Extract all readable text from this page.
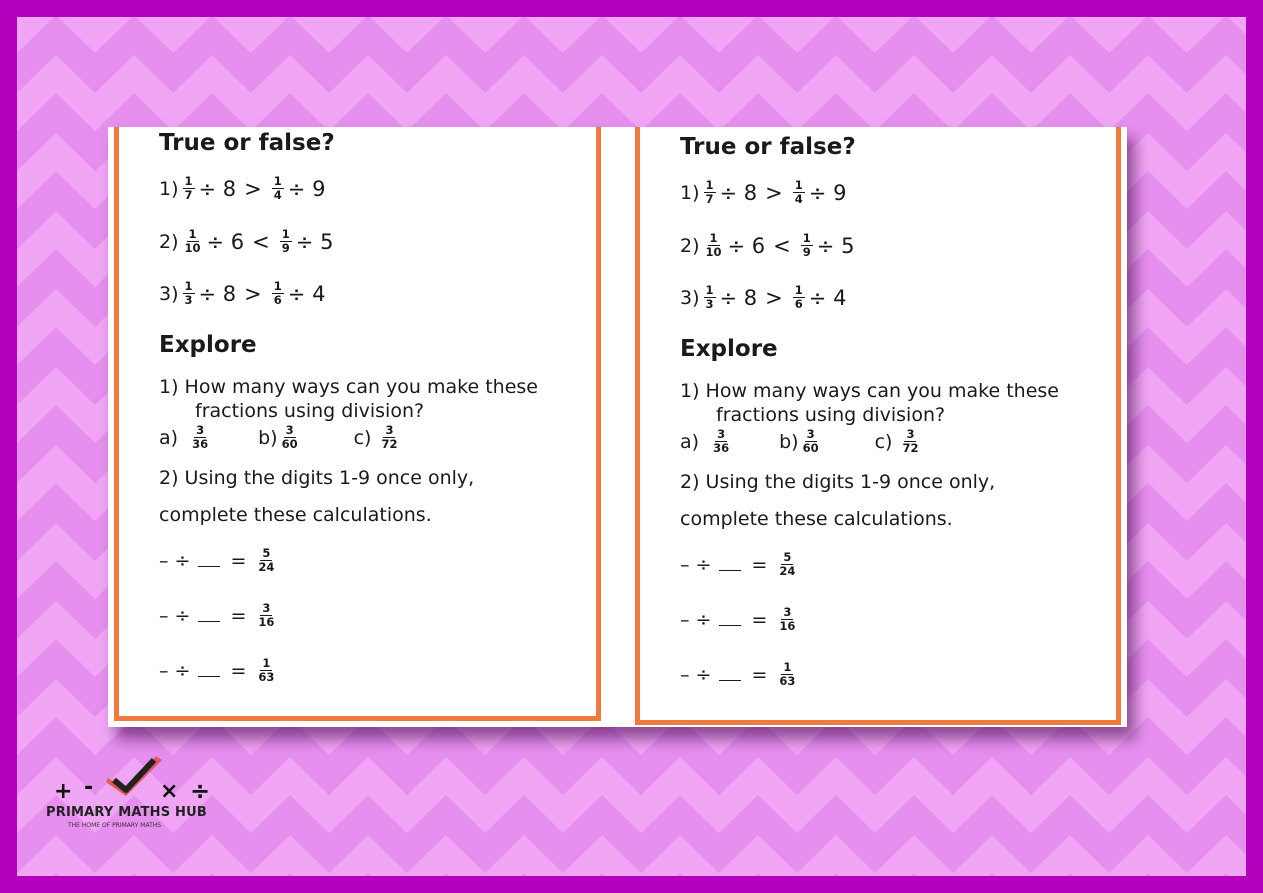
True or false?
$1) \frac{1}{7} \div 8 > \frac{1}{4} \div 9$
$2) \frac{1}{10} \div 6 < \frac{1}{9} \div 5$
$3) \frac{1}{3} \div 8 > \frac{1}{6} \div 4$
Explore
1) How many ways can you make these
fractions using division?
$a) \frac{3}{36}$	$b) \frac{3}{60}$	$c) \frac{3}{72}$
2) Using the digits 1-9 once only,
complete these calculations.
– ÷ = $\frac{5}{24}$
– ÷ = $\frac{3}{16}$
– ÷ = $\frac{1}{63}$
True or false?
$1) \frac{1}{7} \div 8 > \frac{1}{4} \div 9$
$2) \frac{1}{10} \div 6 < \frac{1}{9} \div 5$
$3) \frac{1}{3} \div 8 > \frac{1}{6} \div 4$
Explore
1) How many ways can you make these
fractions using division?
$a) \frac{3}{36}$	$b) \frac{3}{60}$	$c) \frac{3}{72}$
2) Using the digits 1-9 once only,
complete these calculations.
– ÷ = $\frac{5}{24}$
– ÷ = $\frac{3}{16}$
– ÷ = $\frac{1}{63}$
+ -	× ÷
PRIMARY MATHS HUB
THE HOME OF PRIMARY MATHS
